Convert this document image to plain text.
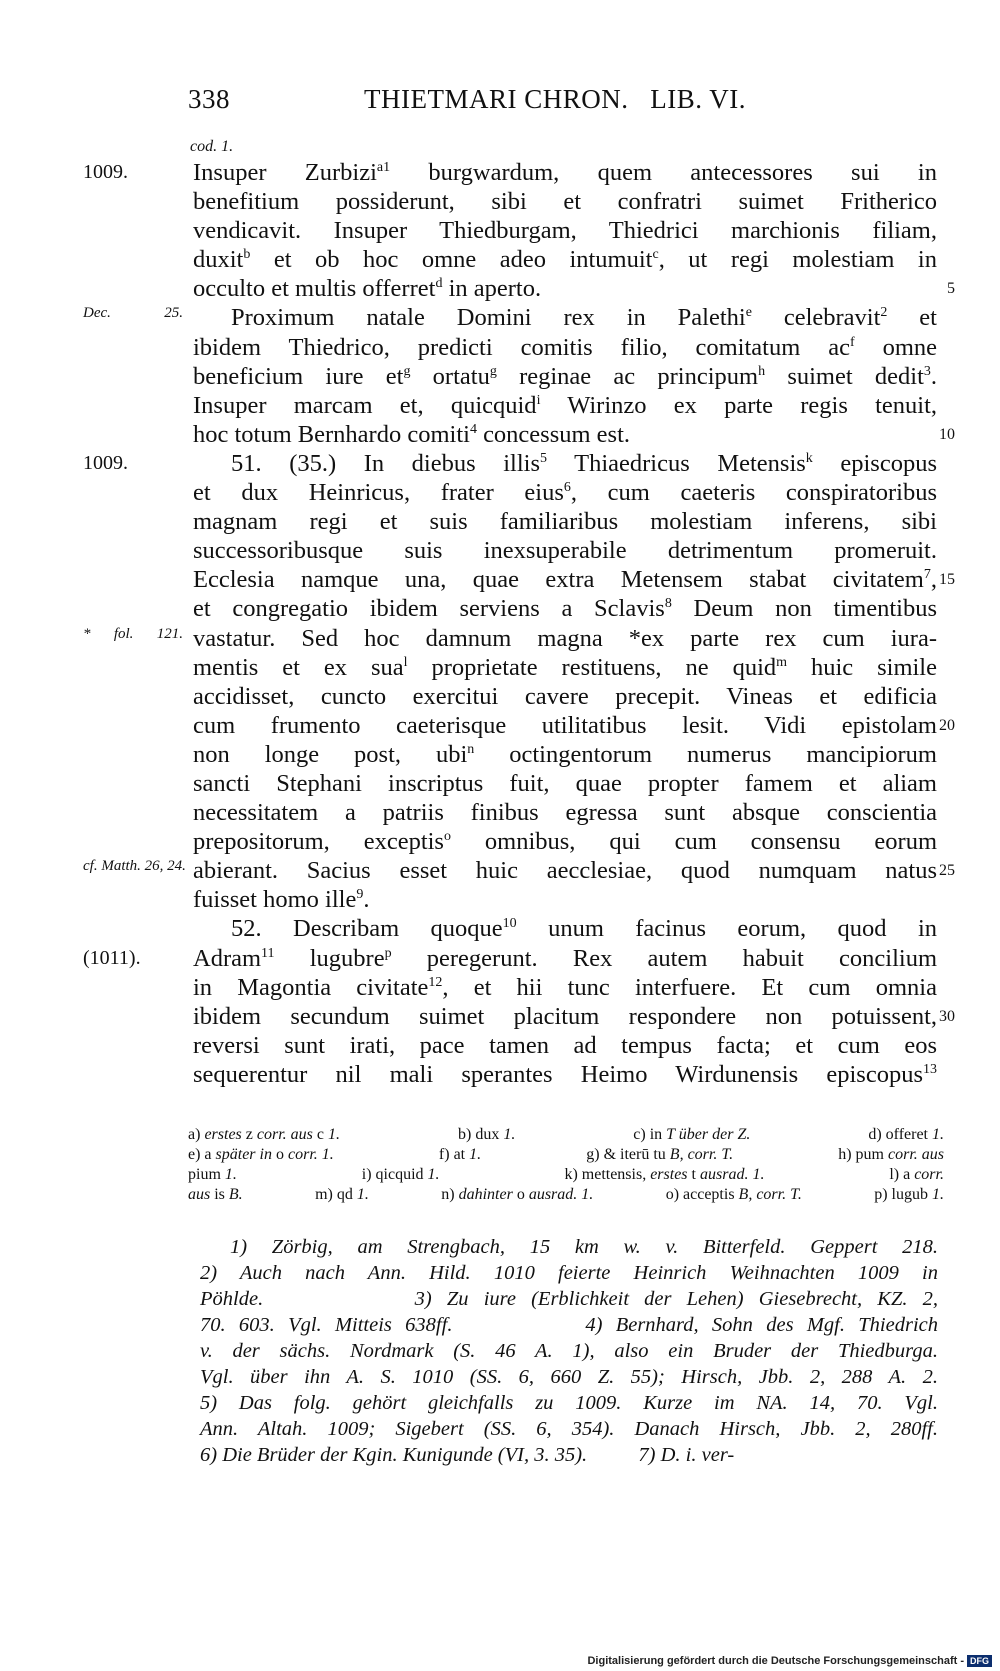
338	THIETMARI CHRON.   LIB. VI.
cod. 1.
Insuper Zurbizi$^{a1}$ burgwardum, quem antecessores sui in
1009.
benefitium possiderunt, sibi et confratri suimet Fritherico
vendicavit. Insuper Thiedburgam, Thiedrici marchionis filiam,
duxit$^b$ et ob hoc omne adeo intumuit$^c$, ut regi molestiam in
occulto et multis offerret$^d$ in aperto.	5
Proximum natale Domini rex in Palethi$^e$ celebravit$^2$ et
Dec. 25.
ibidem Thiedrico, predicti comitis filio, comitatum $ac^f$ omne
beneficium iure $et^g$ ortatu$^g$ reginae ac principum$^h$ suimet dedit$^3$.
Insuper marcam et, quicquid$^i$ Wirinzo ex parte regis tenuit,
hoc totum Bernhardo comiti$^4$ concessum est.	10
51. (35.) In diebus illis$^5$ Thiaedricus Metensis$^k$ episcopus
1009.
et dux Heinricus, frater eius$^6$, cum caeteris conspiratoribus
magnam regi et suis familiaribus molestiam inferens, sibi
successoribusque suis inexsuperabile detrimentum promeruit.
Ecclesia namque una, quae extra Metensem stabat civitatem$^7$, 15
et congregatio ibidem serviens a Sclavis$^8$ Deum non timentibus
vastatur. Sed hoc damnum magna *ex parte rex cum iura-
* fol. 121.
mentis et ex sua$^l$ proprietate restituens, ne quid$^m$ huic simile
accidisset, cuncto exercitui cavere precepit. Vineas et edificia
cum frumento caeterisque utilitatibus lesit. Vidi epistolam 20
non longe post, ubi$^n$ octingentorum numerus mancipiorum
sancti Stephani inscriptus fuit, quae propter famem et aliam
necessitatem a patriis finibus egressa sunt absque conscientia
prepositorum, exceptis$^o$ omnibus, qui cum consensu eorum
abierant. Sacius esset huic aecclesiae, quod numquam natus
cf. Matth. 26, 24.	25
fuisset homo ille$^9$.
52. Describam quoque$^{10}$ unum facinus eorum, quod in
Adram$^{11}$ lugubre$^p$ peregerunt. Rex autem habuit concilium
(1011).
in Magontia civitate$^{12}$, et hii tunc interfuere. Et cum omnia
ibidem secundum suimet placitum respondere non potuissent, 30
reversi sunt irati, pace tamen ad tempus facta; et cum eos
sequerentur nil mali sperantes Heimo Wirdunensis episcopus$^{13}$
a) erstes z corr. aus c 1.	b) dux 1.	c) in T über der Z.	d) offeret 1.
e) a später in o corr. 1.	f) at 1.	g) & iterū tu B, corr. T.	h) pum corr. aus
pium 1.	i) qicquid 1.	k) mettensis, erstes t ausrad. 1.	l) a corr.
aus is B.	m) qd 1.	n) dahinter o ausrad. 1.	o) acceptis B, corr. T.	p) lugub 1.
1) Zörbig, am Strengbach, 15 km w. v. Bitterfeld. Geppert 218.
2) Auch nach Ann. Hild. 1010 feierte Heinrich Weihnachten 1009 in
Pöhlde.          3) Zu iure (Erblichkeit der Lehen) Giesebrecht, KZ. 2,
70. 603. Vgl. Mitteis 638ff.          4) Bernhard, Sohn des Mgf. Thiedrich
v. der sächs. Nordmark (S. 46 A. 1), also ein Bruder der Thiedburga.
Vgl. über ihn A. S. 1010 (SS. 6, 660 Z. 55); Hirsch, Jbb. 2, 288 A. 2.
5) Das folg. gehört gleichfalls zu 1009. Kurze im NA. 14, 70. Vgl.
Ann. Altah. 1009; Sigebert (SS. 6, 354). Danach Hirsch, Jbb. 2, 280ff.
6) Die Brüder der Kgin. Kunigunde (VI, 3. 35).          7) D. i. ver-
Digitalisierung gefördert durch die Deutsche Forschungsgemeinschaft - DFG
